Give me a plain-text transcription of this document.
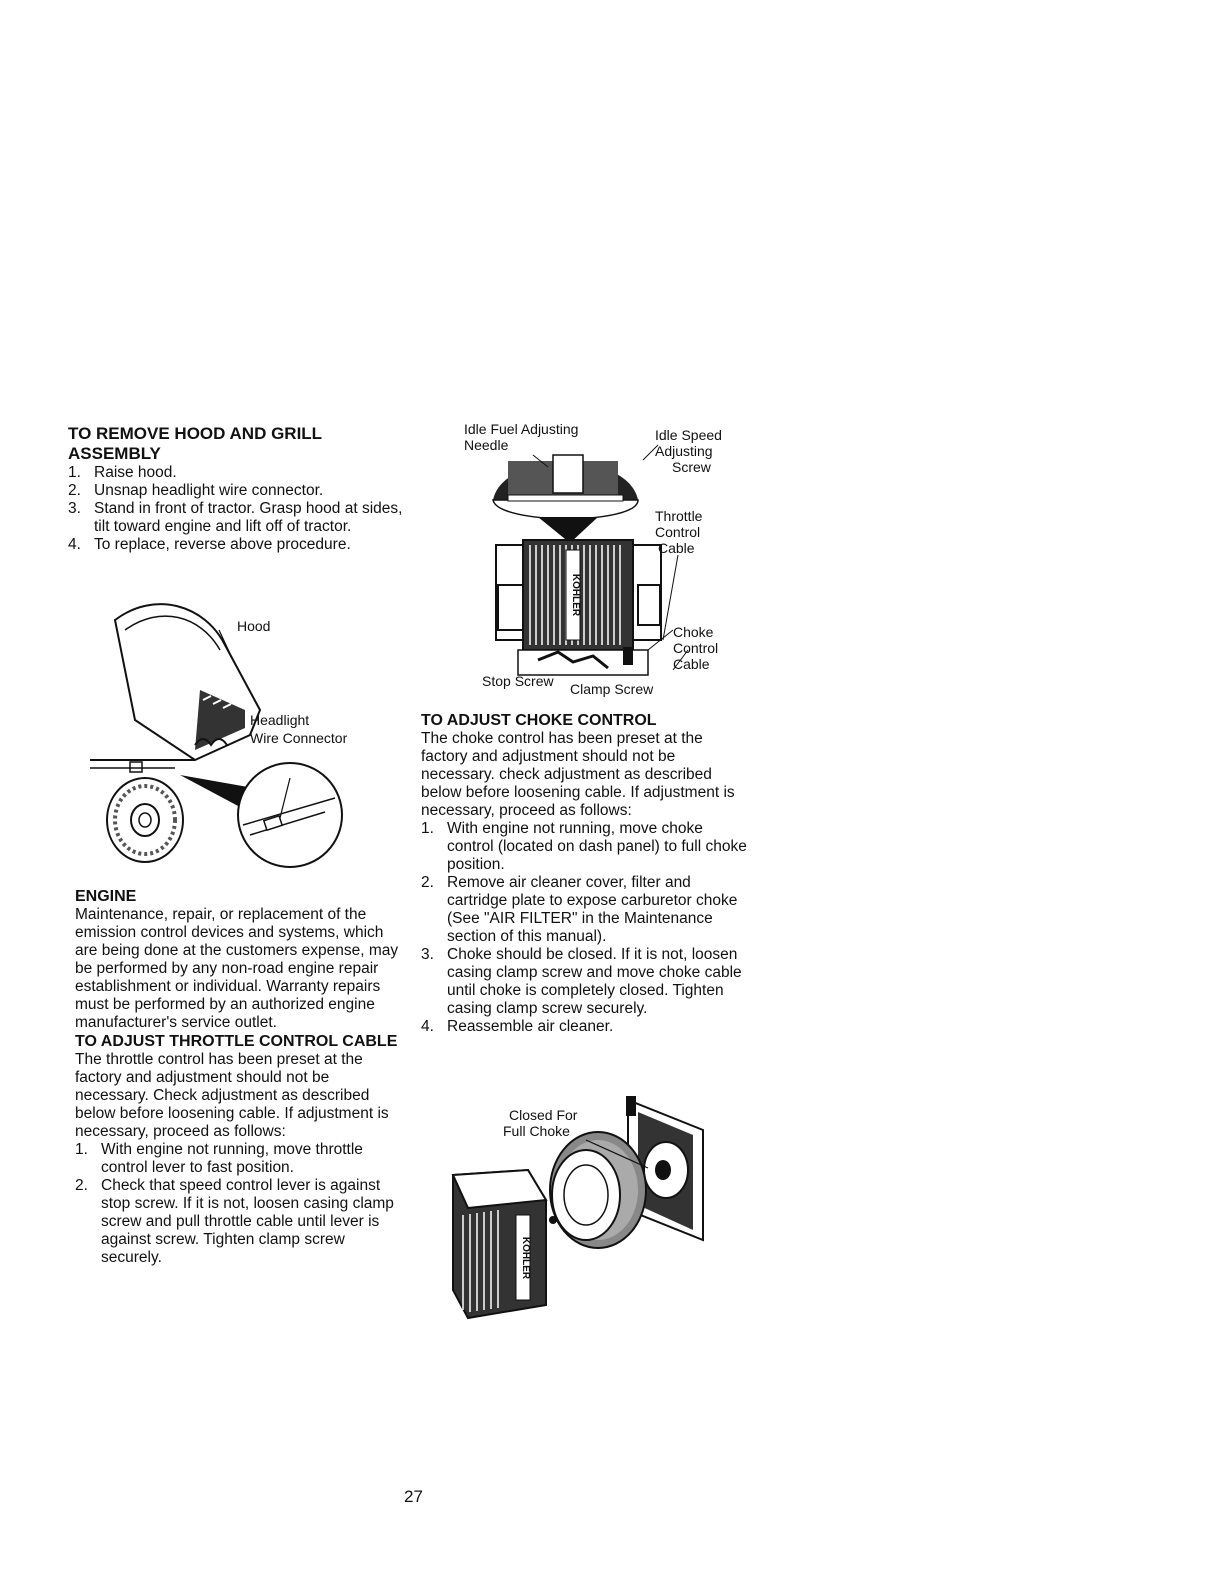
TO REMOVE HOOD AND GRILL ASSEMBLY
1. Raise hood.
2. Unsnap headlight wire connector.
3. Stand in front of tractor. Grasp hood at sides, tilt toward engine and lift off of tractor.
4. To replace, reverse above procedure.
Hood
Headlight
Wire Connector
ENGINE

Maintenance, repair, or replacement of the emission control devices and systems, which are being done at the customers expense, may be performed by any non-road engine repair establishment or individual. Warranty repairs must be performed by an authorized engine manufacturer's service outlet.

TO ADJUST THROTTLE CONTROL CABLE

The throttle control has been preset at the factory and adjustment should not be necessary. Check adjustment as described below before loosening cable. If adjustment is necessary, proceed as follows:

1. With engine not running, move throttle control lever to fast position.
2. Check that speed control lever is against stop screw. If it is not, loosen casing clamp screw and pull throttle cable until lever is against screw. Tighten clamp screw securely.
KOHLER
Idle Fuel Adjusting
Needle
Idle Speed
Adjusting
Screw
Throttle
Control
Cable
Choke
Control
Cable
Stop Screw Clamp Screw
TO ADJUST CHOKE CONTROL

The choke control has been preset at the factory and adjustment should not be necessary. check adjustment as described below before loosening cable. If adjustment is necessary, proceed as follows:

1. With engine not running, move choke control (located on dash panel) to full choke position.
2. Remove air cleaner cover, filter and cartridge plate to expose carburetor choke (See "AIR FILTER" in the Maintenance section of this manual).
3. Choke should be closed. If it is not, loosen casing clamp screw and move choke cable until choke is completely closed. Tighten casing clamp screw securely.
4. Reassemble air cleaner.
KOHLER
Closed For
Full Choke
27
